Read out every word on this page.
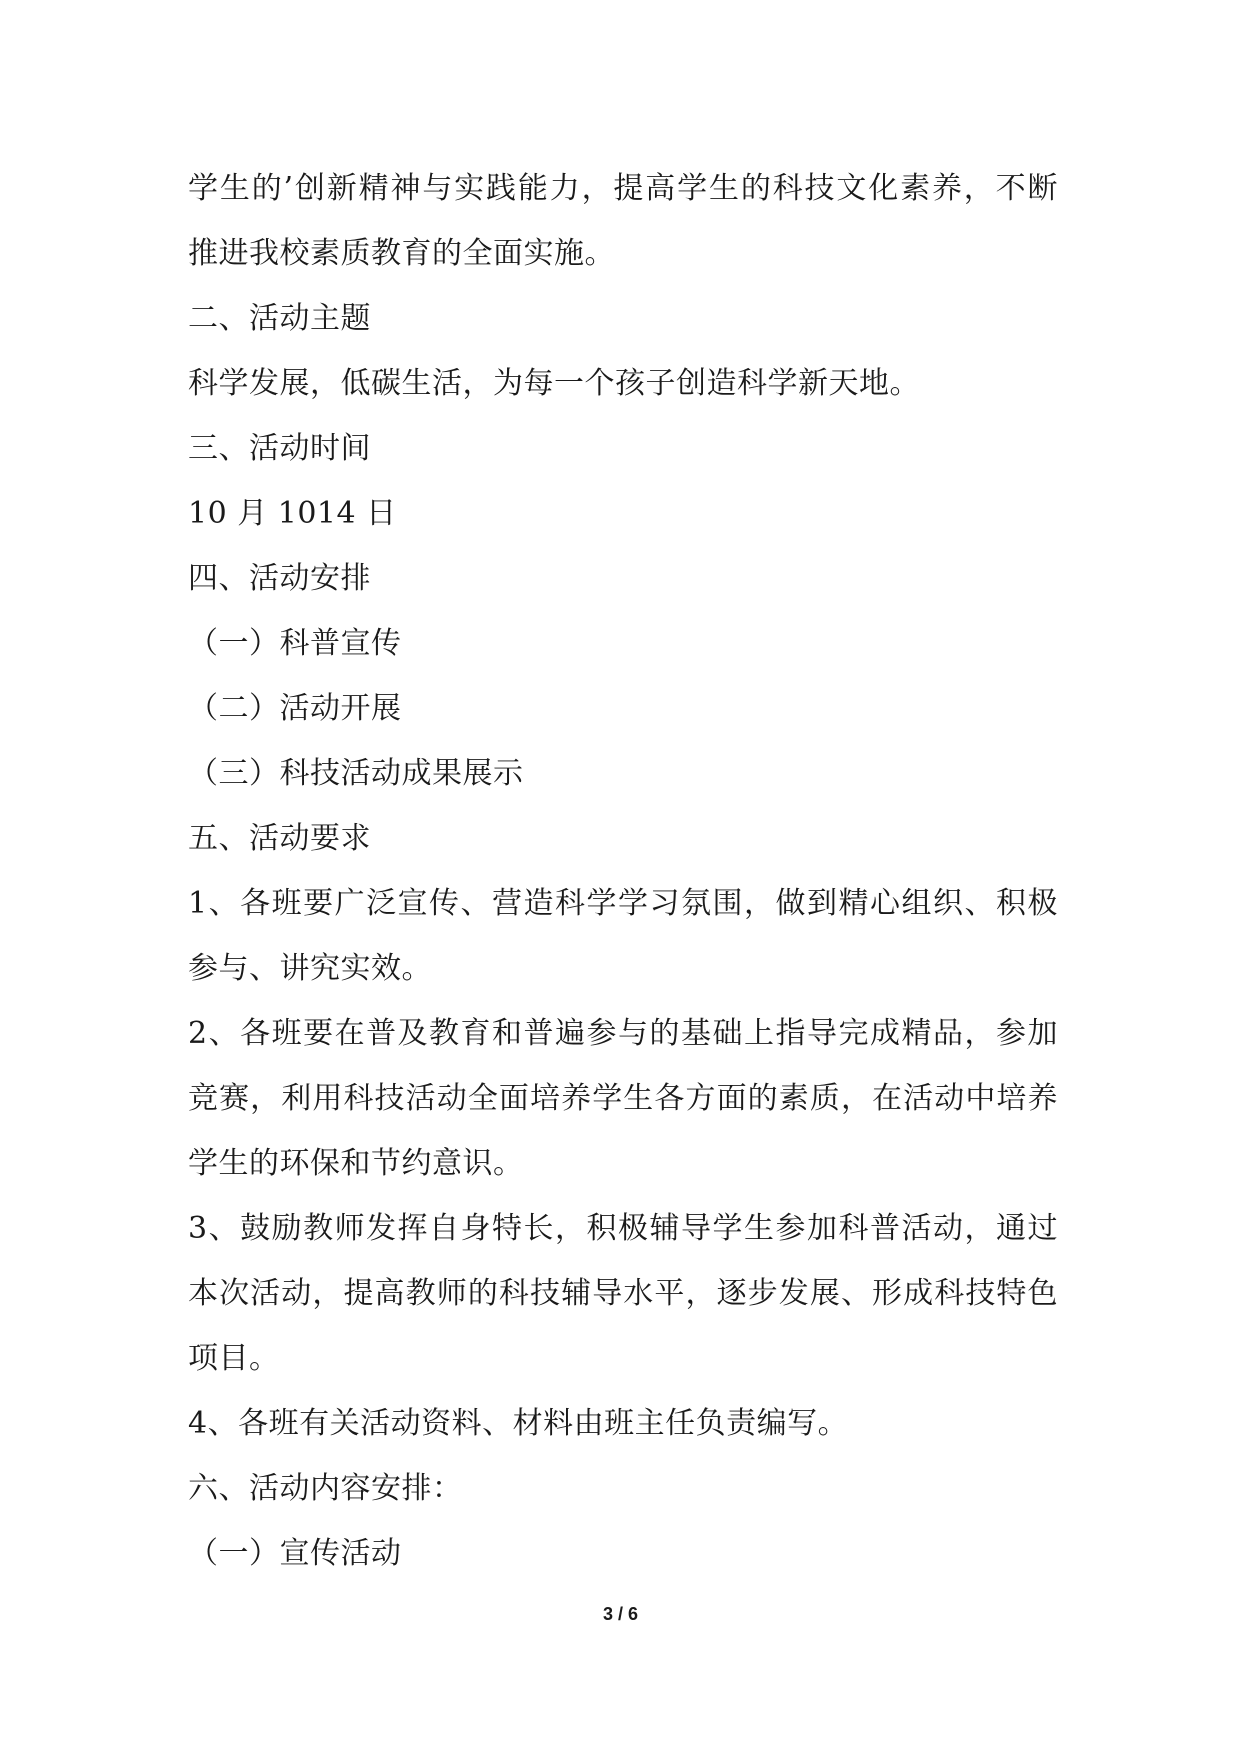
学生的’创新精神与实践能力，提高学生的科技文化素养，不断
推进我校素质教育的全面实施。
二、活动主题
科学发展，低碳生活，为每一个孩子创造科学新天地。
三、活动时间
10 月 1014 日
四、活动安排
（一）科普宣传
（二）活动开展
（三）科技活动成果展示
五、活动要求
1、各班要广泛宣传、营造科学学习氛围，做到精心组织、积极
参与、讲究实效。
2、各班要在普及教育和普遍参与的基础上指导完成精品，参加
竞赛，利用科技活动全面培养学生各方面的素质，在活动中培养
学生的环保和节约意识。
3、鼓励教师发挥自身特长，积极辅导学生参加科普活动，通过
本次活动，提高教师的科技辅导水平，逐步发展、形成科技特色
项目。
4、各班有关活动资料、材料由班主任负责编写。
六、活动内容安排：
（一）宣传活动
3 / 6
